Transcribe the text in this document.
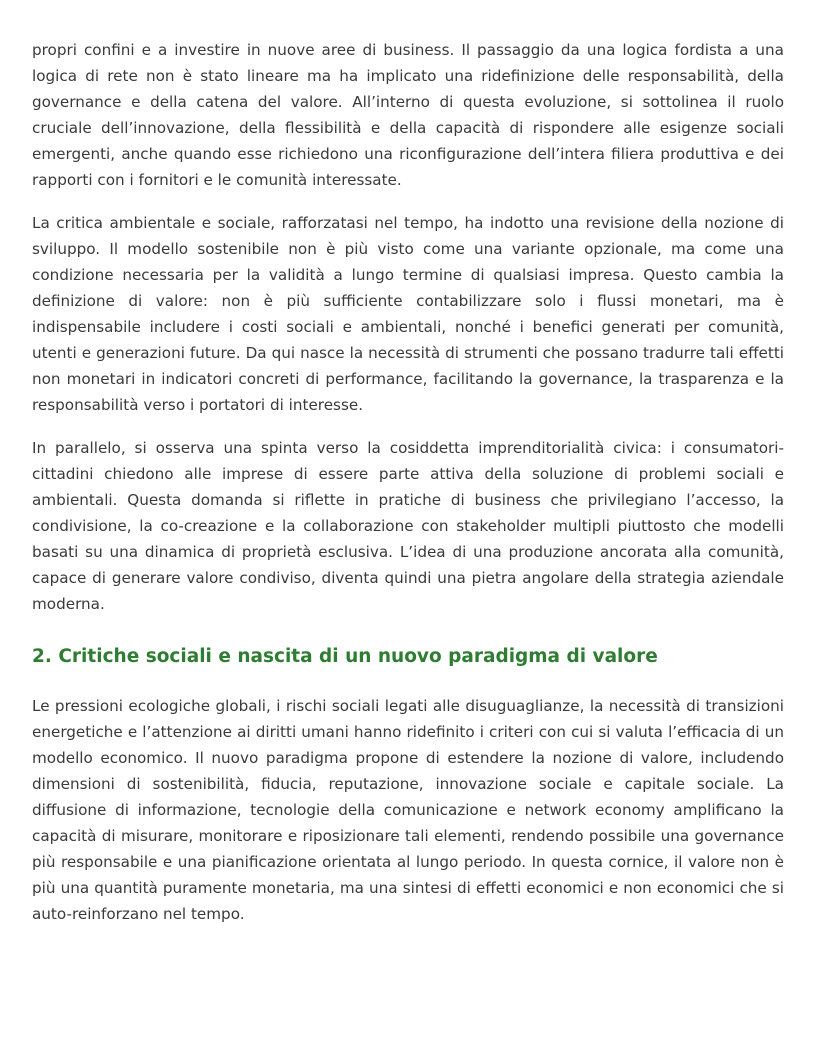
propri confini e a investire in nuove aree di business. Il passaggio da una logica fordista a una logica di rete non è stato lineare ma ha implicato una ridefinizione delle responsabilità, della governance e della catena del valore. All’interno di questa evoluzione, si sottolinea il ruolo cruciale dell’innovazione, della flessibilità e della capacità di rispondere alle esigenze sociali emergenti, anche quando esse richiedono una riconfigurazione dell’intera filiera produttiva e dei rapporti con i fornitori e le comunità interessate.

La critica ambientale e sociale, rafforzatasi nel tempo, ha indotto una revisione della nozione di sviluppo. Il modello sostenibile non è più visto come una variante opzionale, ma come una condizione necessaria per la validità a lungo termine di qualsiasi impresa. Questo cambia la definizione di valore: non è più sufficiente contabilizzare solo i flussi monetari, ma è indispensabile includere i costi sociali e ambientali, nonché i benefici generati per comunità, utenti e generazioni future. Da qui nasce la necessità di strumenti che possano tradurre tali effetti non monetari in indicatori concreti di performance, facilitando la governance, la trasparenza e la responsabilità verso i portatori di interesse.

In parallelo, si osserva una spinta verso la cosiddetta imprenditorialità civica: i consumatori- cittadini chiedono alle imprese di essere parte attiva della soluzione di problemi sociali e ambientali. Questa domanda si riflette in pratiche di business che privilegiano l’accesso, la condivisione, la co-creazione e la collaborazione con stakeholder multipli piuttosto che modelli basati su una dinamica di proprietà esclusiva. L’idea di una produzione ancorata alla comunità, capace di generare valore condiviso, diventa quindi una pietra angolare della strategia aziendale moderna.

2. Critiche sociali e nascita di un nuovo paradigma di valore

Le pressioni ecologiche globali, i rischi sociali legati alle disuguaglianze, la necessità di transizioni energetiche e l’attenzione ai diritti umani hanno ridefinito i criteri con cui si valuta l’efficacia di un modello economico. Il nuovo paradigma propone di estendere la nozione di valore, includendo dimensioni di sostenibilità, fiducia, reputazione, innovazione sociale e capitale sociale. La diffusione di informazione, tecnologie della comunicazione e network economy amplificano la capacità di misurare, monitorare e riposizionare tali elementi, rendendo possibile una governance più responsabile e una pianificazione orientata al lungo periodo. In questa cornice, il valore non è più una quantità puramente monetaria, ma una sintesi di effetti economici e non economici che si auto-reinforzano nel tempo.
